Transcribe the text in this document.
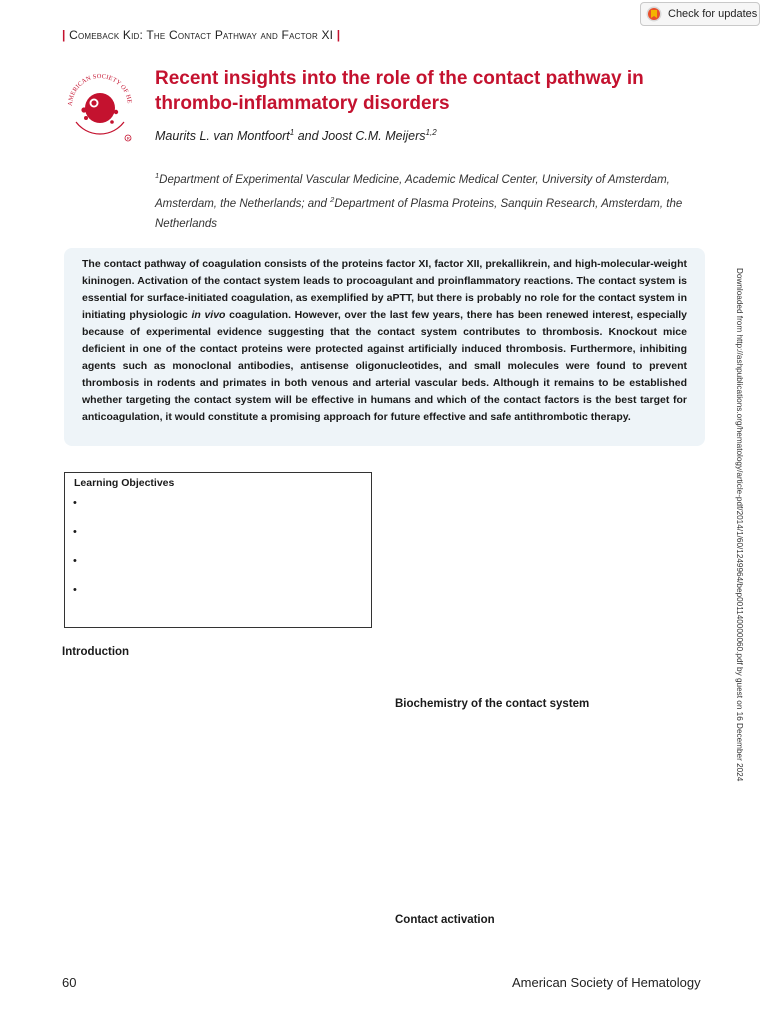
Check for updates
| Comeback Kid: The Contact Pathway and Factor XI |
AMERICAN SOCIETY OF HE
R
Recent insights into the role of the contact pathway in thrombo-inflammatory disorders
Maurits L. van Montfoort$^1$ and Joost C.M. Meijers$^{1,2}$
$^1$Department of Experimental Vascular Medicine, Academic Medical Center, University of Amsterdam, Amsterdam, the Netherlands; and $^2$Department of Plasma Proteins, Sanquin Research, Amsterdam, the Netherlands

The contact pathway of coagulation consists of the proteins factor XI, factor XII, prekallikrein, and high-molecular-weight kininogen. Activation of the contact system leads to procoagulant and proinflammatory reactions. The contact system is essential for surface-initiated coagulation, as exemplified by aPTT, but there is probably no role for the contact system in initiating physiologic in vivo coagulation. However, over the last few years, there has been renewed interest, especially because of experimental evidence suggesting that the contact system contributes to thrombosis. Knockout mice deficient in one of the contact proteins were protected against artificially induced thrombosis. Furthermore, inhibiting agents such as monoclonal antibodies, antisense oligonucleotides, and small molecules were found to prevent thrombosis in rodents and primates in both venous and arterial vascular beds. Although it remains to be established whether targeting the contact system will be effective in humans and which of the contact factors is the best target for anticoagulation, it would constitute a promising approach for future effective and safe antithrombotic therapy.

Learning Objectives
•
•
•
•
Introduction
Biochemistry of the contact system
Contact activation
Downloaded from http://ashpublications.org/hematology/article-pdf/2014/1/60/1249964/bep001140000060.pdf by guest on 16 December 2024
60	American Society of Hematology
